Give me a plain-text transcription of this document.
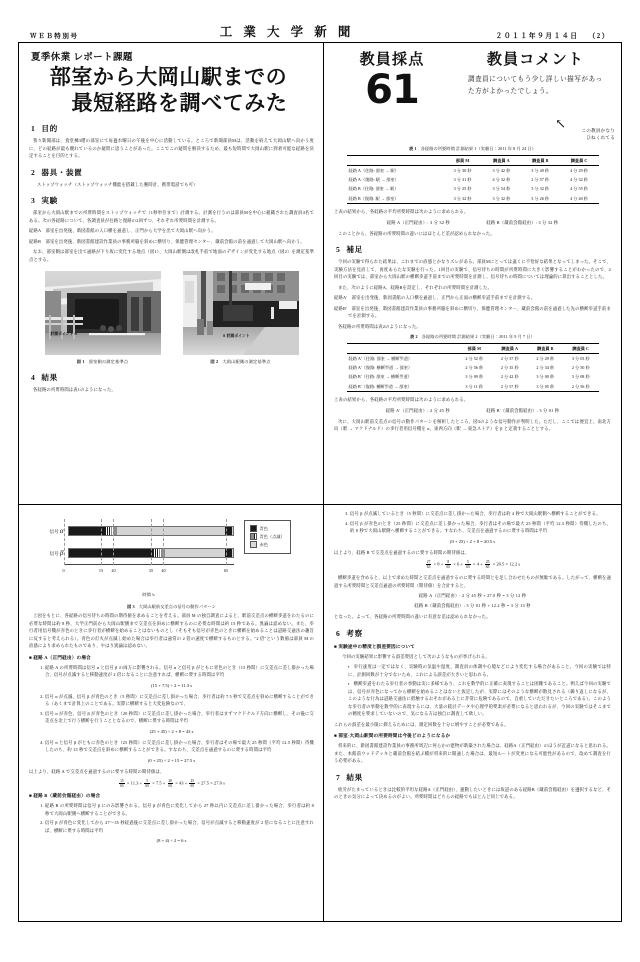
ＷＥＢ特別号	工 業 大 学 新 聞	２０１１年９月１４日 （2）
夏季休業 レポート課題
部室から大岡山駅までの
最短経路を調べてみた
1 目的

我々新聞部は、食堂棟3階の部室にて毎週水曜日の午後を中心に活動している。ところで新聞部員Mは、活動を終えて大岡山駅へ向かう度に、どの経路が最も優れているのか疑問に思うことがあった。ここでこの疑問を解決するため、最も短時間で大岡山駅に到着可能な経路を決定することを目的とする。

2 器具・装置

ストップウォッチ（ストップウォッチ機能を搭載した腕時計、携帯電話でも可）

3 実験

部室から大岡山駅までの所要時間をストップウォッチで（1秒単位まで）計測する。計測を行うのは部員Mを中心に組織された調査員4名である。次の各経路について、各調査員が往路と復路の2回ずつ、それぞれ所要時間を計測する。

経路A　部室を出発後、新図書館の入口横を通過し、正門から大学を出て大岡山駅へ向かう。

経路B　部室を出発後、新図書館建設作業員の事務所脇を斜めに横切り、保健管理センター、蔵前会館の前を通過して大岡山駅へ向かう。

なお、部室側は部室を出て通路が下り坂に変化する地点（図1）、大岡山駅側は改札手前で地面のデザインが変化する地点（図2）を測定基準点とする。

計測ポイント ➡
図 1 部室側の測定基準点
⬆ 計測ポイント
図 2 大岡山駅側の測定基準点
4 結果

各経路の所要時間は表1のようになった。

教員採点
61
教員コメント
調査員についてもう少し詳しい描写があった方がよかったでしょう。
↖
この教員かなり
ひねくれてる
表 1 各経路の所要時間 計測結果 1（実験日：2011 年 8 月 24 日）
	部員 M	調査員 A	調査員 B	調査員 C
経路 A（往路: 部室 → 駅）	3 分 30 秒	3 分 42 秒	3 分 40 秒	4 分 29 秒
経路 A（復路: 駅 → 部室）	3 分 31 秒	4 分 32 秒	2 分 57 秒	4 分 32 秒
経路 B（往路: 部室 → 駅）	3 分 25 秒	3 分 54 秒	3 分 32 秒	4 分 55 秒
経路 B（復路: 駅 → 部室）	3 分 32 秒	3 分 32 秒	3 分 26 秒	4 分 40 秒

上表の結果から、各経路の平均所要時間は次のように求められる。

経路 A（正門経由）: 3 分 32 秒	経路 B（蔵前会館経由）: 3 分 32 秒

このことから、各経路の所要時間の違いにはほとんど差が認められなかった。

5 補足

今回の実験で得られた結果は、これまでの直感とかなりズレがある。部員Mにとっては遠くに不恰好な結果となってしまった。そこで、実験方法を見直して、再度あらたな実験を行った。1回目の実験で、信号待ちの時間が所要時間に大きく影響することがわかったので、2回目の実験では、部室から大岡山駅の横断歩道手前までの所要時間を計測し、信号待ちの時間については理論的に算出することとした。

また、次のように経路A、経路Bを設定し、それぞれの所要時間を計測した。

経路A'　部室を出発後、新図書館の入口横を通過し、正門から正面の横断歩道手前までを計測する。

経路B'　部室を出発後、新図書館建設作業員の事務所脇を斜めに横切り、保健管理センター、蔵前会館の前を通過した先の横断歩道手前までを計測する。

各経路の所要時間は表2のようになった。

表 2 各経路の所要時間 計測結果 2（実験日：2011 年 9 月 7 日）
	部員 M	調査員 A	調査員 B	調査員 C
経路 A'（往路: 部室 → 横断歩道）	2 分 52 秒	2 分 37 秒	2 分 29 秒	3 分 03 秒
経路 A'（復路: 横断歩道 → 部室）	2 分 56 秒	2 分 35 秒	2 分 34 秒	2 分 50 秒
経路 B'（往路: 部室 → 横断歩道）	3 分 09 秒	2 分 42 秒	3 分 00 秒	3 分 08 秒
経路 B'（復路: 横断歩道 → 部室）	3 分 11 秒	2 分 57 秒	3 分 05 秒	2 分 56 秒

上表の結果から、各経路の平均所要時間は次のように求められる。

経路 A'（正門経由）: 2 分 45 秒	経路 B'（蔵前会館経由）: 3 分 01 秒

次に、大岡山駅前交差点の信号の動作パターンを解析したところ、図3のような信号動作が判明した。ただし、ここでは便宜上、南北方向（駅 → マクドナルド）の歩行者用信号機を α、東西方向（駅 → 東急ストア）を β と定義することとする。

信号 α
信号 β
0	15 20	35 40	65
時間 /s
青色
青色（点滅）
赤色
図 3 大岡山駅前交差点の信号の動作パターン

上図をもとに、各経路の信号待ちの時間の期待値を求めることを考える。部員 M の独自調査によると、駅前交差点の横断歩道をわたるのに必要な時間は約 8 秒、大学正門前から大岡山駅側まで交差点を斜めに横断するのに必要な時間は約 15 秒である。異論は認めない。また、歩行者用信号機が赤色のときに歩行者が横断を始めることはないものとし（そもそも信号が赤色のときに横断を始めることは道路交通法の趣旨に反すると考えられる）。青色の灯火が点滅し始めた場合は歩行者は通常の 2 倍の速度で横断するものとする。"2 倍"という数値は部員 M の直感により求められたものであり、やはり異論は認めない。

■ 経路 A（正門経由）の場合
1. 経路 A の所要時間は信号 α と信号 β の両方に影響される。信号 α と信号 β がともに青色のとき（15 秒間）に交差点に差し掛かった場合、信号が点滅すると移動速度が 2 倍になることに注意すれば、横断に要する時間は平均
(15 + 7.5) ÷ 2 = 11.3 s
2. 信号 α が点滅、信号 β が青色のとき（5 秒間）に交差点に差し掛かった場合、歩行者は約 7.5 秒で交差点を斜めに横断することができる（あくまで計算上のことである。実際に横断すると大変危険なので、
3. 信号 α が赤色、信号 β が青色のとき（20 秒間）に交差点に差し掛かった場合、歩行者はまずマクドナルド方向に横断し、その後に交差点を北上で行う横断を行うこととなるので、横断に要する時間は平均
(25 + 45) ÷ 2 + 8 = 43 s
4. 信号 α と信号 β がともに赤色のとき（25 秒間）に交差点に差し掛かった場合、歩行者はその場で最大 25 秒間（平均 12.5 秒間）待機したのち、約 15 秒で交差点を斜めに横断することができる。すなわち、交差点を通過するのに要する時間は平均
(0 + 25) ÷ 2 + 15 = 27.5 s

以上より、経路 A で交差点を通過するのに要する時間の期待値は、

$\frac{15}{65} \times 11.3 + \frac{5}{65} \times 7.5 + \frac{20}{65} \times 43 + \frac{25}{65} \times 27.5 = 27.0$ s
■ 経路 B（蔵前会館経由）の場合
1. 経路 B の所要時間は信号 β にのみ影響される。信号 β が青色に変化してから 27 秒以内に交差点に差し掛かった場合、歩行者は約 8 秒で大岡山駅側へ横断することができる。
2. 信号 β が青色に変化してから 27〜35 秒経過後に交差点に差し掛かった場合、信号が点滅すると移動速度が 2 倍になることに注意すれば、横断に要する時間は平均
(8 + 4) ÷ 2 = 6 s
3. 信号 β が点滅しているとき（5 秒間）に交差点に差し掛かった場合、歩行者は約 4 秒で大岡山駅側へ横断することができる。
4. 信号 β が赤色のとき（25 秒間）に交差点に差し掛かった場合、歩行者はその場で最大 25 秒間（平均 12.5 秒間）待機したのち、約 8 秒で大岡山駅側へ横断することができる。すなわち、交差点を通過するのに要する時間は平均
(0 + 25) ÷ 2 + 8 = 20.5 s

以上より、経路 B で交差点を通過するのに要する時間の期待値は、

$\frac{27}{65} \times 8 + \frac{8}{65} \times 6 + \frac{5}{65} \times 4 + \frac{25}{65} \times 20.5 = 12.2$ s

横断歩道を含めると、以上で求めた時間と交差点を通過するのに要する時間とを足し合わせたものが無駄である。したがって、横断を通過する所要時間と交差点通過の所要時間（期待値）を合計すると、

経路 A（正門経由）: 2 分 45 秒 + 27.0 秒 = 3 分 12 秒
経路 B（蔵前会館経由）: 3 分 01 秒 + 12.2 秒 = 3 分 13 秒

となった。よって、各経路の所要時間の違いに有意な差は認められなかった。

6 考察
■ 実験途中の精度と誤差要因について

今回の実験結果に影響する誤差要因として次のようなものが挙げられる。

▪ 歩行速度は一定ではなく、実験時の気温や湿度、調査員の体調や心境などにより変化する場合があること。今回の実験では特に、計測回数が十分でないため、これによる誤差が大きいと思われる。
▪ 横断歩道をわたる歩行者の挙動は実に多様であり、これを数学的に正確に表現することは困難であること。例えば今回の実験では、信号が赤色になってから横断を始めることはないと仮定したが、実際にはそのような横断が散見される（繰り返しになるが、このような行為は道路交通法に抵触するおそれがある上に非常に危険であるので、自重していただきたいところである）。このような歩行者の挙動を数学的に表現するには、大量の統計データや心理学的要素が必要になると思われるが、今回の実験ではそこまでの精度を要求していないので、気になる方は独自に調査して欲しい。

これらの誤差を最小限に抑えるためには、測定回数を十分に増やすことが必要である。

■ 部室-大岡山駅間の所要時間は今後どのようになるか

将来的に、新図書館建設作業員の事務所周辺に何らかの建物が新築された場合は、経路A（正門経由）のほうが近道になると思われる。また、本館前ウッドデッキと蔵前会館を結ぶ橋が将来的に開通した場合は、最短ルートが変更になる可能性があるので、改めて調査を行う必要がある。

7 結果

疲労がたまっているときは比較的平坦な経路A（正門経由）、運動したいときには坂道のある経路B（蔵前会館経由）を選択するなど、そのときの気分によって決めるのがよい。所要時間はどちらの経路でもほとんど同じである。
